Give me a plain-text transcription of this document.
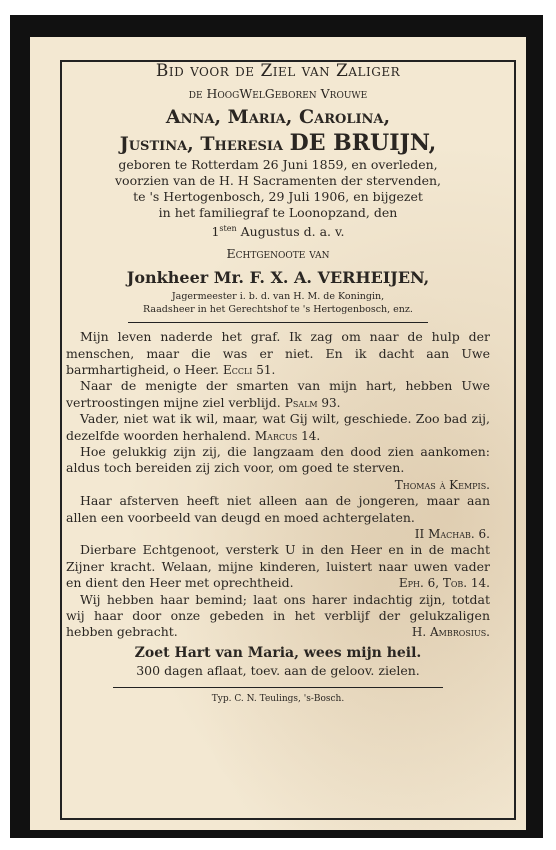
Bid voor de Ziel van Zaliger
de HoogWelGeboren Vrouwe
Anna, Maria, Carolina,
Justina, Theresia DE BRUIJN,
geboren te Rotterdam 26 Juni 1859, en overleden,
voorzien van de H. H Sacramenten der stervenden,
te 's Hertogenbosch, 29 Juli 1906, en bijgezet
in het familiegraf te Loonopzand, den
$1^{sten}$ Augustus d. a. v.
Echtgenoote van
Jonkheer Mr. F. X. A. VERHEIJEN,
Jagermeester i. b. d. van H. M. de Koningin,
Raadsheer in het Gerechtshof te 's Hertogenbosch, enz.
Mijn leven naderde het graf. Ik zag om naar de hulp der menschen, maar die was er niet. En ik dacht aan Uwe barmhartigheid, o Heer. Eccli 51.
Naar de menigte der smarten van mijn hart, hebben Uwe vertroostingen mijne ziel verblijd. Psalm 93.
Vader, niet wat ik wil, maar, wat Gij wilt, geschiede. Zoo bad zij, dezelfde woorden herhalend. Marcus 14.
Hoe gelukkig zijn zij, die langzaam den dood zien aankomen: aldus toch bereiden zij zich voor, om goed te sterven.
Thomas à Kempis.
Haar afsterven heeft niet alleen aan de jongeren, maar aan allen een voorbeeld van deugd en moed achtergelaten.
II Machab. 6.
Dierbare Echtgenoot, versterk U in den Heer en in de macht Zijner kracht. Welaan, mijne kinderen, luistert naar uwen vader en dient den Heer met oprechtheid.	Eph. 6, Tob. 14.
Wij hebben haar bemind; laat ons harer indachtig zijn, totdat wij haar door onze gebeden in het verblijf der gelukzaligen hebben gebracht.	H. Ambrosius.
Zoet Hart van Maria, wees mijn heil.
300 dagen aflaat, toev. aan de geloov. zielen.
Typ. C. N. Teulings, 's-Bosch.
